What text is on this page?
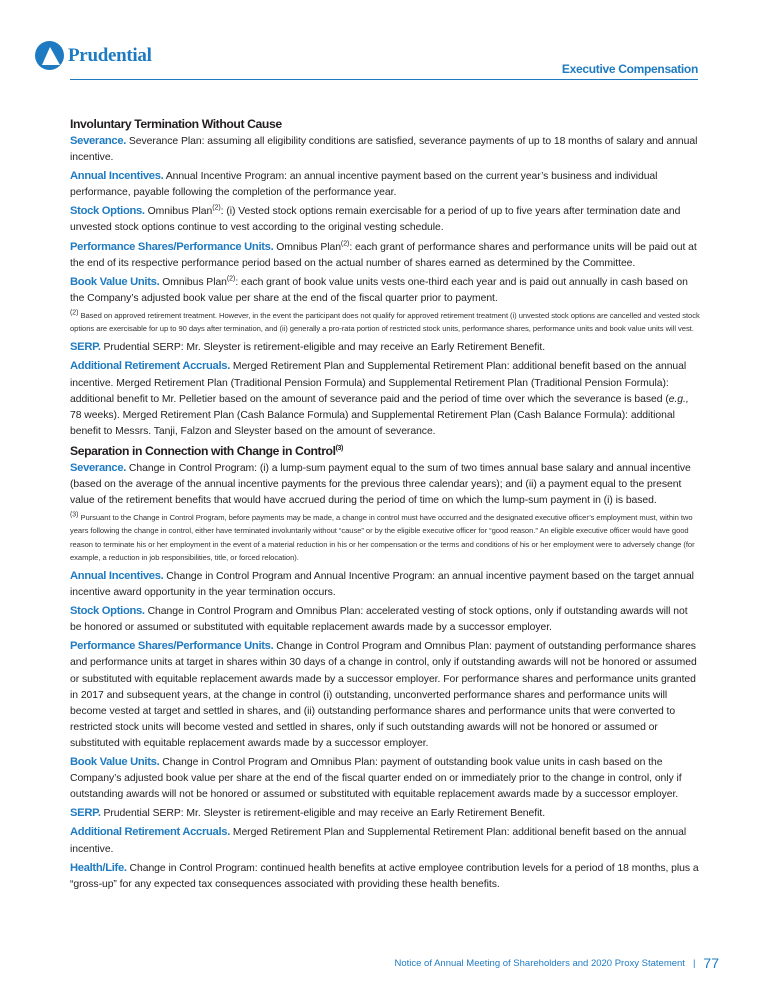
Prudential
Executive Compensation
Involuntary Termination Without Cause

Severance. Severance Plan: assuming all eligibility conditions are satisfied, severance payments of up to 18 months of salary and annual incentive.

Annual Incentives. Annual Incentive Program: an annual incentive payment based on the current year’s business and individual performance, payable following the completion of the performance year.

Stock Options. Omnibus Plan$^{(2)}$: (i) Vested stock options remain exercisable for a period of up to five years after termination date and unvested stock options continue to vest according to the original vesting schedule.

Performance Shares/Performance Units. Omnibus Plan$^{(2)}$: each grant of performance shares and performance units will be paid out at the end of its respective performance period based on the actual number of shares earned as determined by the Committee.

Book Value Units. Omnibus Plan$^{(2)}$: each grant of book value units vests one-third each year and is paid out annually in cash based on the Company’s adjusted book value per share at the end of the fiscal quarter prior to payment.

$^{(2)}$ Based on approved retirement treatment. However, in the event the participant does not qualify for approved retirement treatment (i) unvested stock options are cancelled and vested stock options are exercisable for up to 90 days after termination, and (ii) generally a pro-rata portion of restricted stock units, performance shares, performance units and book value units will vest.

SERP. Prudential SERP: Mr. Sleyster is retirement-eligible and may receive an Early Retirement Benefit.

Additional Retirement Accruals. Merged Retirement Plan and Supplemental Retirement Plan: additional benefit based on the annual incentive. Merged Retirement Plan (Traditional Pension Formula) and Supplemental Retirement Plan (Traditional Pension Formula): additional benefit to Mr. Pelletier based on the amount of severance paid and the period of time over which the severance is based (e.g., 78 weeks). Merged Retirement Plan (Cash Balance Formula) and Supplemental Retirement Plan (Cash Balance Formula): additional benefit to Messrs. Tanji, Falzon and Sleyster based on the amount of severance.

Separation in Connection with Change in Control$^{(3)}$

Severance. Change in Control Program: (i) a lump-sum payment equal to the sum of two times annual base salary and annual incentive (based on the average of the annual incentive payments for the previous three calendar years); and (ii) a payment equal to the present value of the retirement benefits that would have accrued during the period of time on which the lump-sum payment in (i) is based.

$^{(3)}$ Pursuant to the Change in Control Program, before payments may be made, a change in control must have occurred and the designated executive officer’s employment must, within two years following the change in control, either have terminated involuntarily without “cause” or by the eligible executive officer for “good reason.” An eligible executive officer would have good reason to terminate his or her employment in the event of a material reduction in his or her compensation or the terms and conditions of his or her employment were to adversely change (for example, a reduction in job responsibilities, title, or forced relocation).

Annual Incentives. Change in Control Program and Annual Incentive Program: an annual incentive payment based on the target annual incentive award opportunity in the year termination occurs.

Stock Options. Change in Control Program and Omnibus Plan: accelerated vesting of stock options, only if outstanding awards will not be honored or assumed or substituted with equitable replacement awards made by a successor employer.

Performance Shares/Performance Units. Change in Control Program and Omnibus Plan: payment of outstanding performance shares and performance units at target in shares within 30 days of a change in control, only if outstanding awards will not be honored or assumed or substituted with equitable replacement awards made by a successor employer. For performance shares and performance units granted in 2017 and subsequent years, at the change in control (i) outstanding, unconverted performance shares and performance units will become vested at target and settled in shares, and (ii) outstanding performance shares and performance units that were converted to restricted stock units will become vested and settled in shares, only if such outstanding awards will not be honored or assumed or substituted with equitable replacement awards made by a successor employer.

Book Value Units. Change in Control Program and Omnibus Plan: payment of outstanding book value units in cash based on the Company’s adjusted book value per share at the end of the fiscal quarter ended on or immediately prior to the change in control, only if outstanding awards will not be honored or assumed or substituted with equitable replacement awards made by a successor employer.

SERP. Prudential SERP: Mr. Sleyster is retirement-eligible and may receive an Early Retirement Benefit.

Additional Retirement Accruals. Merged Retirement Plan and Supplemental Retirement Plan: additional benefit based on the annual incentive.

Health/Life. Change in Control Program: continued health benefits at active employee contribution levels for a period of 18 months, plus a “gross-up” for any expected tax consequences associated with providing these health benefits.

Notice of Annual Meeting of Shareholders and 2020 Proxy Statement | 77
